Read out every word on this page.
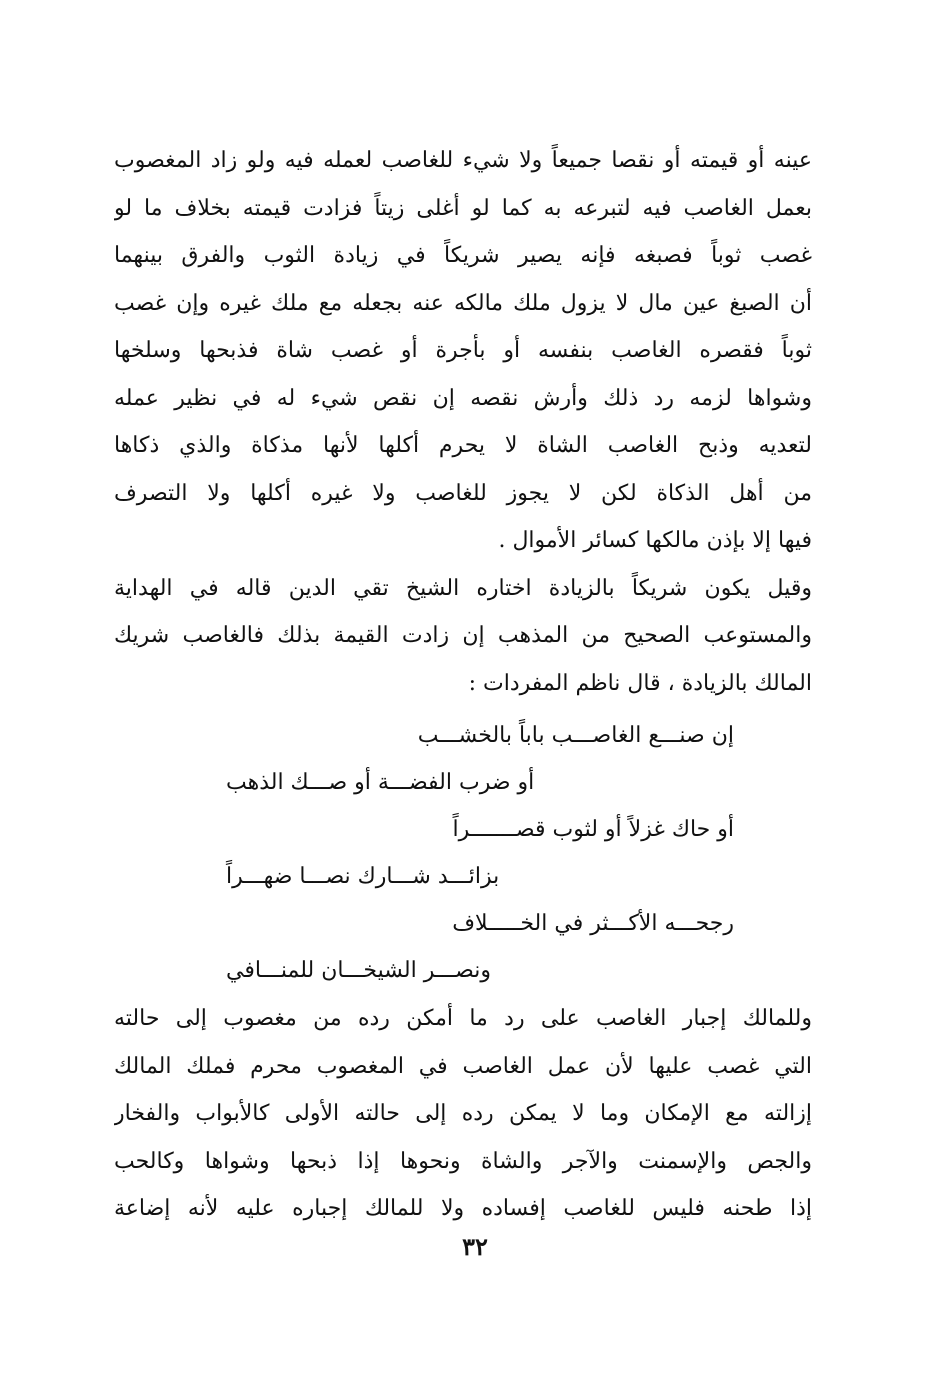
عينه أو قيمته أو نقصا جميعاً ولا شيء للغاصب لعمله فيه ولو زاد المغصوب
بعمل الغاصب فيه لتبرعه به كما لو أغلى زيتاً فزادت قيمته بخلاف ما لو
غصب ثوباً فصبغه فإنه يصير شريكاً في زيادة الثوب والفرق بينهما
أن الصبغ عين مال لا يزول ملك مالكه عنه بجعله مع ملك غيره وإن غصب
ثوباً فقصره الغاصب بنفسه أو بأجرة أو غصب شاة فذبحها وسلخها
وشواها لزمه رد ذلك وأرش نقصه إن نقص شيء له في نظير عمله
لتعديه وذبح الغاصب الشاة لا يحرم أكلها لأنها مذكاة والذي ذكاها
من أهل الذكاة لكن لا يجوز للغاصب ولا غيره أكلها ولا التصرف
فيها إلا بإذن مالكها كسائر الأموال .
وقيل يكون شريكاً بالزيادة اختاره الشيخ تقي الدين قاله في الهداية
والمستوعب الصحيح من المذهب إن زادت القيمة بذلك فالغاصب شريك
المالك بالزيادة ، قال ناظم المفردات :
إن صنـــع الغاصـــب باباً بالخشـــب
أو ضرب الفضـــة أو صـــك الذهب
أو حاك غزلاً أو لثوب قصـــــــراً
بزائـــد شـــارك نصـــا ضهـــراً
رجحـــه الأكـــثر في الخـــــلاف
ونصـــر الشيخـــان للمنـــافي
وللمالك إجبار الغاصب على رد ما أمكن رده من مغصوب إلى حالته
التي غصب عليها لأن عمل الغاصب في المغصوب محرم فملك المالك
إزالته مع الإمكان وما لا يمكن رده إلى حالته الأولى كالأبواب والفخار
والجص والإسمنت والآجر والشاة ونحوها إذا ذبحها وشواها وكالحب
إذا طحنه فليس للغاصب إفساده ولا للمالك إجباره عليه لأنه إضاعة
٣٢
